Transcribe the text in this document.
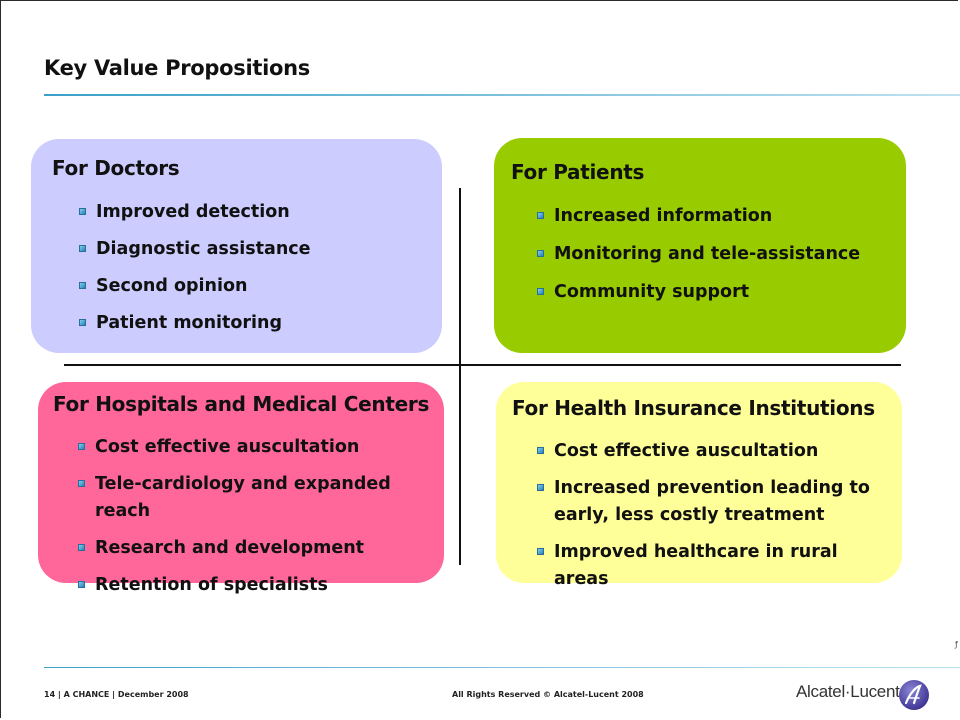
Key Value Propositions
For Doctors
Improved detection
Diagnostic assistance
Second opinion
Patient monitoring
For Patients
Increased information
Monitoring and tele-assistance
Community support
For Hospitals and Medical Centers
Cost effective auscultation
Tele-cardiology and expanded reach
Research and development
Retention of specialists
For Health Insurance Institutions
Cost effective auscultation
Increased prevention leading to early, less costly treatment
Improved healthcare in rural areas
14 | A CHANCE | December 2008	All Rights Reserved © Alcatel-Lucent 2008	Alcatel·Lucent
ƒ
